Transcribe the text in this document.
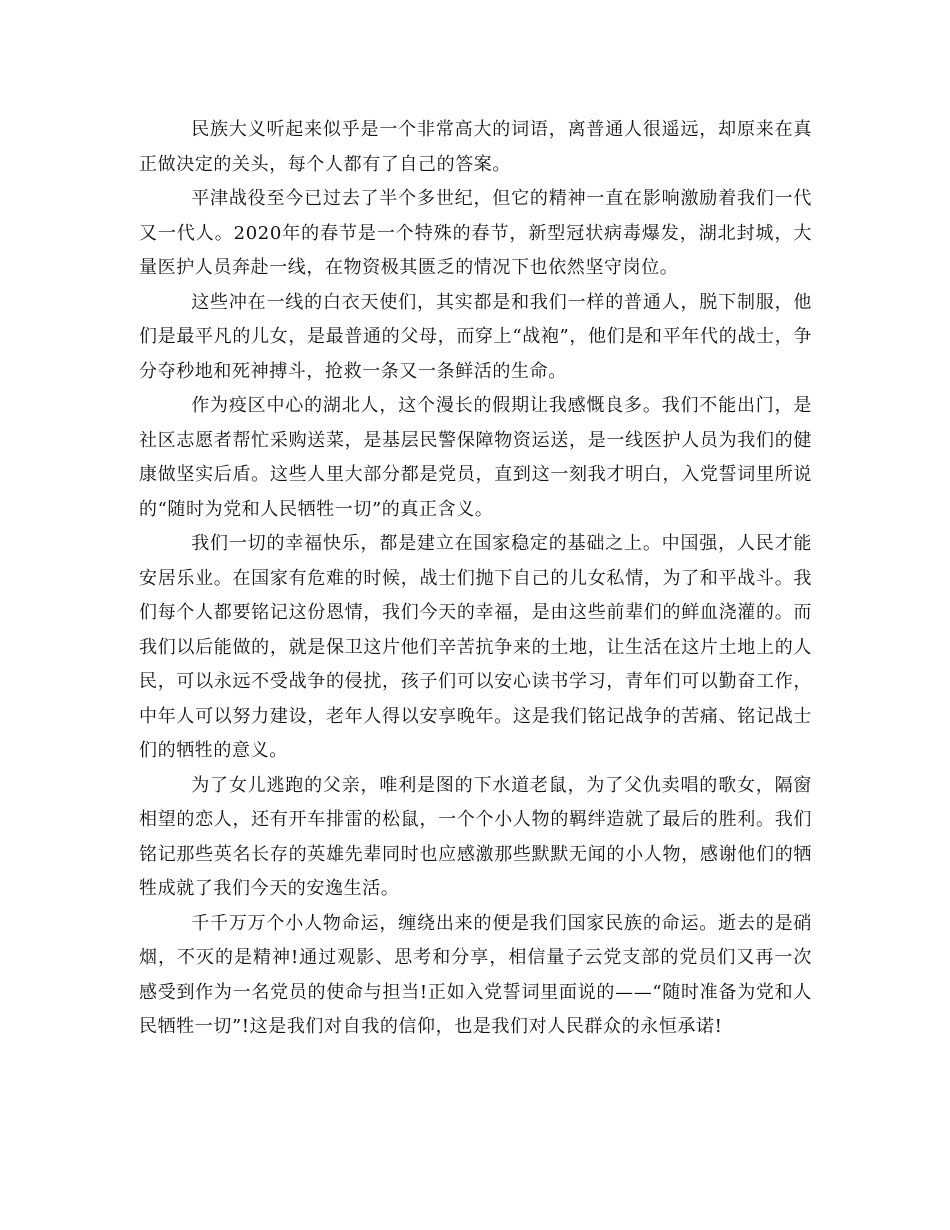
民族大义听起来似乎是一个非常高大的词语，离普通人很遥远，却原来在真正做决定的关头，每个人都有了自己的答案。

平津战役至今已过去了半个多世纪，但它的精神一直在影响激励着我们一代又一代人。2020年的春节是一个特殊的春节，新型冠状病毒爆发，湖北封城，大量医护人员奔赴一线，在物资极其匮乏的情况下也依然坚守岗位。

这些冲在一线的白衣天使们，其实都是和我们一样的普通人，脱下制服，他们是最平凡的儿女，是最普通的父母，而穿上“战袍”，他们是和平年代的战士，争分夺秒地和死神搏斗，抢救一条又一条鲜活的生命。

作为疫区中心的湖北人，这个漫长的假期让我感慨良多。我们不能出门，是社区志愿者帮忙采购送菜，是基层民警保障物资运送，是一线医护人员为我们的健康做坚实后盾。这些人里大部分都是党员，直到这一刻我才明白，入党誓词里所说的“随时为党和人民牺牲一切”的真正含义。

我们一切的幸福快乐，都是建立在国家稳定的基础之上。中国强，人民才能安居乐业。在国家有危难的时候，战士们抛下自己的儿女私情，为了和平战斗。我们每个人都要铭记这份恩情，我们今天的幸福，是由这些前辈们的鲜血浇灌的。而我们以后能做的，就是保卫这片他们辛苦抗争来的土地，让生活在这片土地上的人民，可以永远不受战争的侵扰，孩子们可以安心读书学习，青年们可以勤奋工作，中年人可以努力建设，老年人得以安享晚年。这是我们铭记战争的苦痛、铭记战士们的牺牲的意义。

为了女儿逃跑的父亲，唯利是图的下水道老鼠，为了父仇卖唱的歌女，隔窗相望的恋人，还有开车排雷的松鼠，一个个小人物的羁绊造就了最后的胜利。我们铭记那些英名长存的英雄先辈同时也应感激那些默默无闻的小人物，感谢他们的牺牲成就了我们今天的安逸生活。

千千万万个小人物命运，缠绕出来的便是我们国家民族的命运。逝去的是硝烟，不灭的是精神!通过观影、思考和分享，相信量子云党支部的党员们又再一次感受到作为一名党员的使命与担当!正如入党誓词里面说的——“随时准备为党和人民牺牲一切”!这是我们对自我的信仰，也是我们对人民群众的永恒承诺!
